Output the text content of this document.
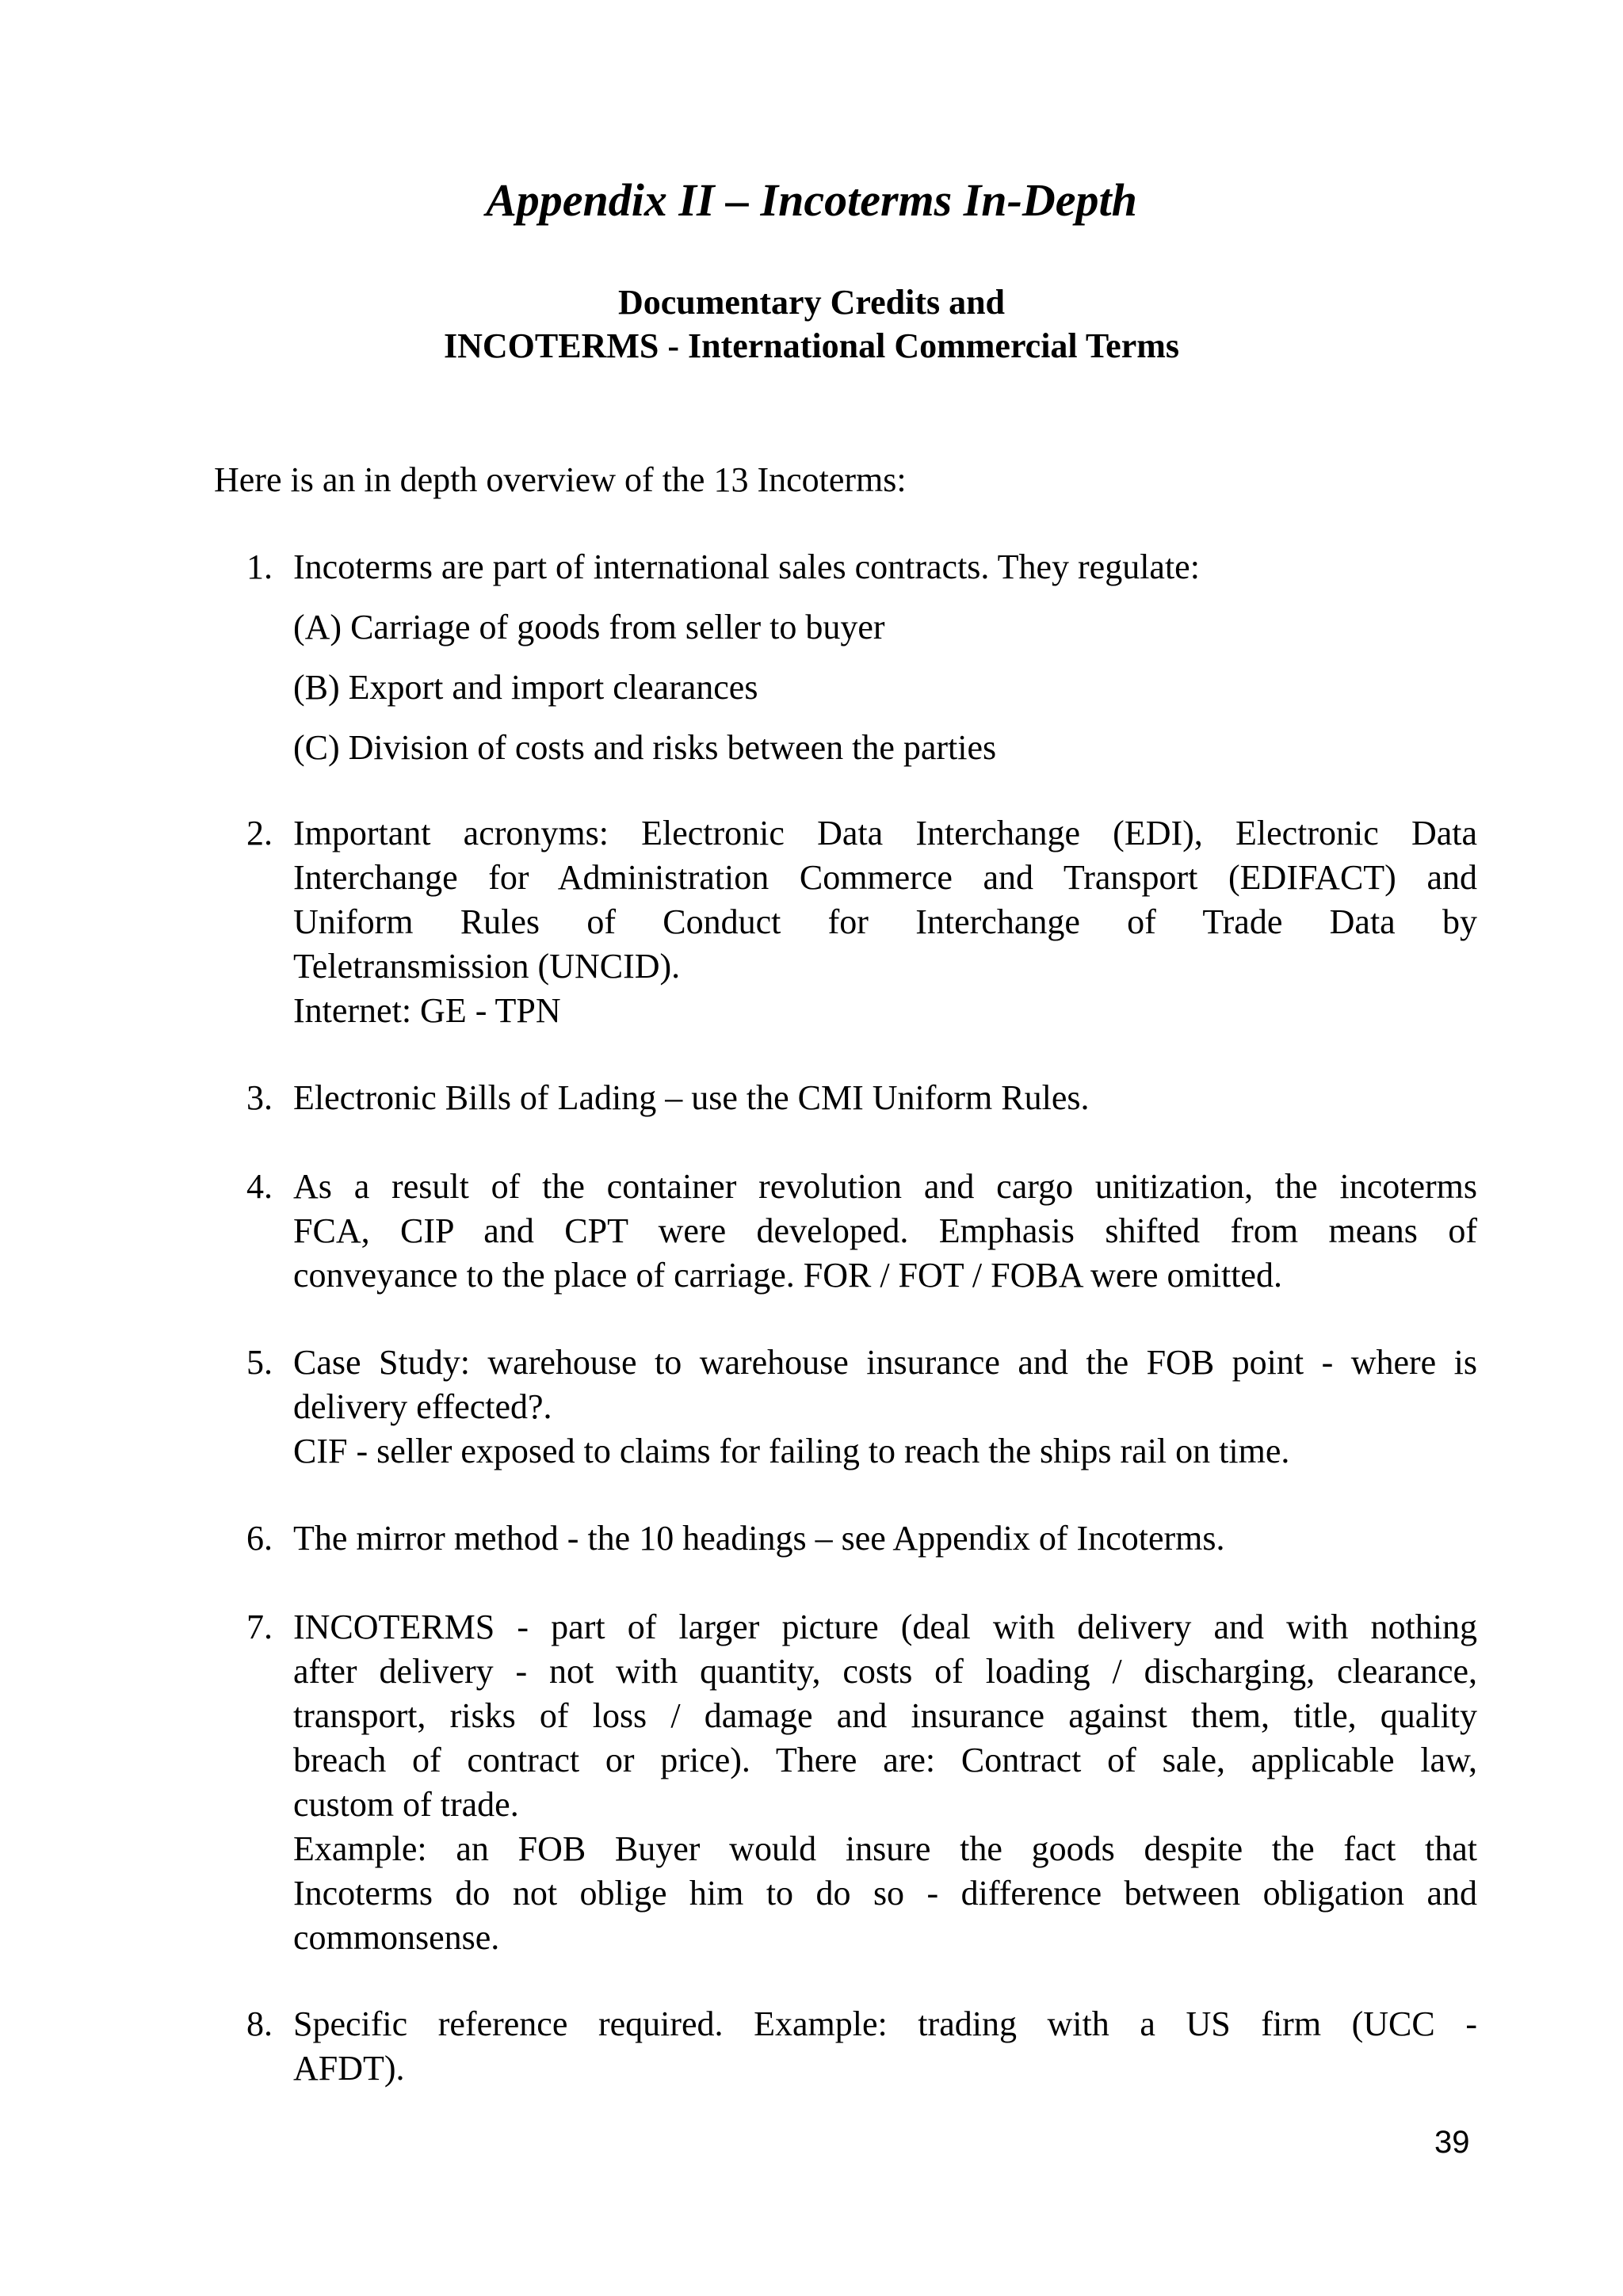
Appendix II – Incoterms In-Depth
Documentary Credits and
INCOTERMS - International Commercial Terms

Here is an in depth overview of the 13 Incoterms:

1. Incoterms are part of international sales contracts. They regulate:
(A) Carriage of goods from seller to buyer
(B) Export and import clearances
(C) Division of costs and risks between the parties
2. Important acronyms: Electronic Data Interchange (EDI), Electronic Data
Interchange for Administration Commerce and Transport (EDIFACT) and
Uniform Rules of Conduct for Interchange of Trade Data by
Teletransmission (UNCID).
Internet: GE - TPN
3. Electronic Bills of Lading – use the CMI Uniform Rules.
4. As a result of the container revolution and cargo unitization, the incoterms
FCA, CIP and CPT were developed. Emphasis shifted from means of
conveyance to the place of carriage. FOR / FOT / FOBA were omitted.
5. Case Study: warehouse to warehouse insurance and the FOB point - where is
delivery effected?.
CIF - seller exposed to claims for failing to reach the ships rail on time.
6. The mirror method - the 10 headings – see Appendix of Incoterms.
7. INCOTERMS - part of larger picture (deal with delivery and with nothing
after delivery - not with quantity, costs of loading / discharging, clearance,
transport, risks of loss / damage and insurance against them, title, quality
breach of contract or price). There are: Contract of sale, applicable law,
custom of trade.
Example: an FOB Buyer would insure the goods despite the fact that
Incoterms do not oblige him to do so - difference between obligation and
commonsense.
8. Specific reference required. Example: trading with a US firm (UCC -
AFDT).
39
